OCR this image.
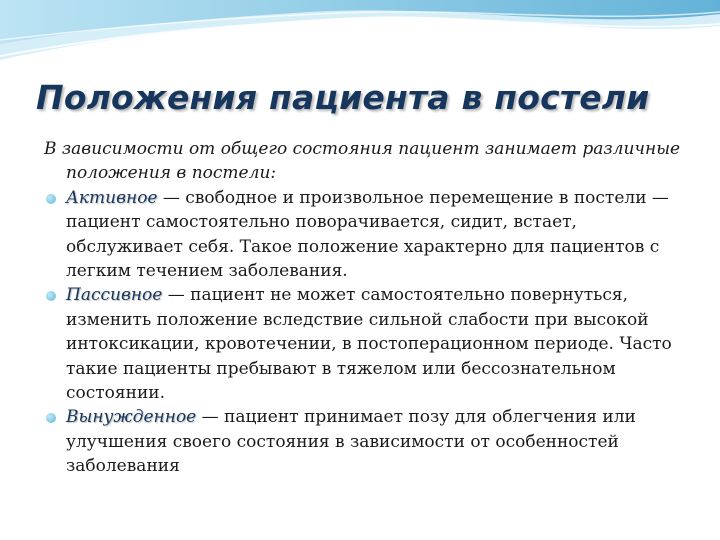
Положения пациента в постели
В зависимости от общего состояния пациент занимает различные положения в постели:
Активное — свободное и произвольное перемещение в постели — пациент самостоятельно поворачивается, сидит, встает, обслуживает себя. Такое положение характерно для пациентов с легким течением заболевания.
Пассивное — пациент не может самостоятельно повернуться, изменить положение вследствие сильной слабости при высокой интоксикации, кровотечении, в постоперационном периоде. Часто такие пациенты пребывают в тяжелом или бессознательном состоянии.
Вынужденное — пациент принимает позу для облегчения или улучшения своего состояния в зависимости от особенностей заболевания
